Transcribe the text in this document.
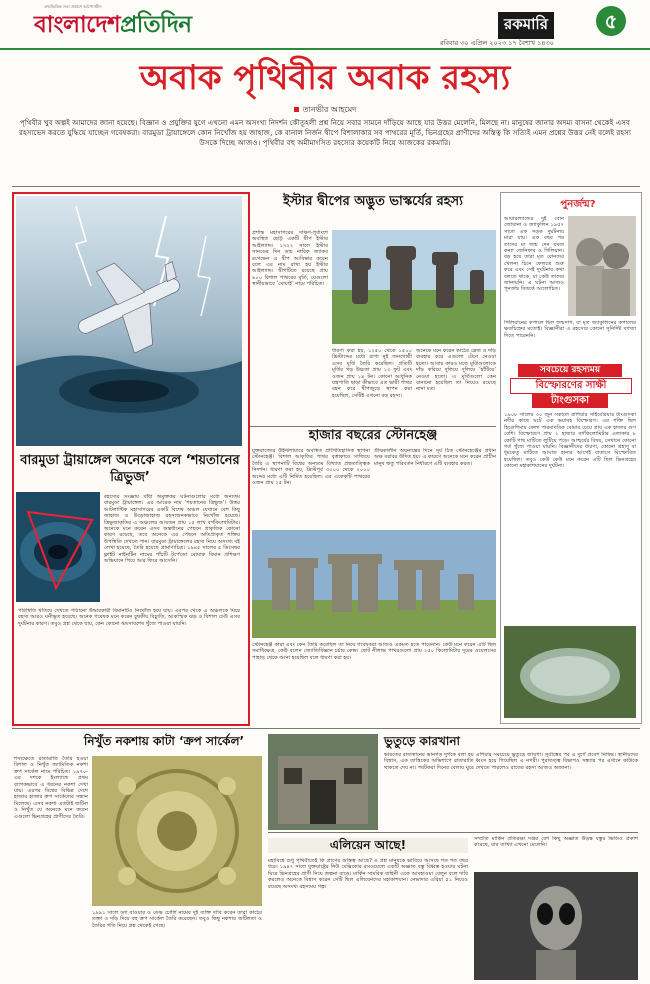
তথ্যভিত্তিক সত্য প্রকাশে আপোসহীন
বাংলাদেশপ্রতিদিন	রকমারি	৫
রবিবার ৩০ এপ্রিল ২০২৩ ১৭ বৈশাখ ১৪৩০
অবাক পৃথিবীর অবাক রহস্য
তানভীর আহমেদ
পৃথিবীর খুব অল্পই আমাদের জানা হয়েছে। বিজ্ঞান ও প্রযুক্তির যুগে এখনো এমন অসংখ্য নিদর্শন কৌতূহলী প্রশ্ন নিয়ে সবার সামনে দাঁড়িয়ে আছে যার উত্তর মেলেনি, মিলছে না। মানুষের জানার অদম্য বাসনা থেকেই এসব রহস্যভেদ করতে যুদ্ধিয়ে যাচ্ছেন গবেষকরা। বারমুডা ট্রায়াঙ্গেলে কোন নিখোঁজ হয় জাহাজ, কে বানাল নির্জন দ্বীপে বিশালাকার সব পাথরের মূর্তি, ভিনগ্রহের প্রাণীদের অস্তিত্ব কি সত্যিই এমন প্রশ্নের উত্তর নেই বলেই রহস্য উসকে দিচ্ছে আজও। পৃথিবীর বহু অমীমাংসিত রহস্যের কয়েকটি নিয়ে আজকের রকমারি।
বারমুডা ট্রায়াঙ্গেল অনেকে বলে ‘শয়তানের ত্রিভুজ’
রহস্যের সংজ্ঞায় বাঁধা অমুক্তকর ঘটনাগুলোর মধ্যে অন্যতম বারমুডা ট্রায়াঙ্গেল। এর আরেক নাম ‘শয়তানের ত্রিভুজ’। উত্তর আটলান্টিক মহাসাগরের একটি বিশেষ অঞ্চল যেখানে বেশ কিছু জাহাজ ও উড়োজাহাজ রহস্যজনকভাবে নিখোঁজ হয়েছে। ত্রিভুজাকৃতির এ অঞ্চলের আয়তন প্রায় ১৫ লাখ বর্গকিলোমিটার। অনেকে মনে করেন এসব অন্তর্ধানের পেছনে প্রাকৃতিক কোনো কারণ রয়েছে, তবে অনেকে এর পেছনে অতিপ্রাকৃত শক্তির উপস্থিতি দেখতে পান। বারমুডা ট্রায়াঙ্গেলের রহস্য নিয়ে অসংখ্য বই লেখা হয়েছে, তৈরি হয়েছে প্রামাণ্যচিত্র। ১৯৪৫ সালের ৫ ডিসেম্বর ফ্লাইট নাইনটিন নামের পাঁচটি টর্পেডো বোমারু বিমান প্রশিক্ষণ অভিযানে গিয়ে আর ফিরে আসেনি।
পরিস্থিতি খতিয়ে দেখতে পাঠানো উদ্ধারকারী বিমানটিও নিখোঁজ হয়ে যায়। এরপর থেকে এ অঞ্চলকে ঘিরে রহস্য আরও ঘনীভূত হয়েছে। অনেক গবেষক মনে করেন চুম্বকীয় বিচ্যুতি, আকস্মিক ঝড় ও বিশাল ঢেউ এসব দুর্ঘটনার কারণ। তবুও প্রশ্ন থেকে যায়, কেন কোনো ধ্বংসাবশেষ খুঁজে পাওয়া যায়নি।
ইস্টার দ্বীপের অদ্ভুত ভাস্কর্যের রহস্য
প্রশান্ত মহাসাগরের দক্ষিণ-পূর্বাংশে অবস্থিত ছোট্ট একটি দ্বীপ ইস্টার আইল্যান্ড। ১৭২২ সালে ইস্টার সানডের দিন ডাচ নাবিক জ্যাকব রগেভেন এ দ্বীপ আবিষ্কার করেন বলে এর নাম রাখা হয় ইস্টার আইল্যান্ড। দ্বীপটিতে রয়েছে প্রায় ৯০০ বিশাল পাথরের মূর্তি, যেগুলো স্থানীয়ভাবে ‘মোয়াই’ নামে পরিচিত।
ধারণা করা হয়, ১২৫০ থেকে ১৫০০ খ্রিস্টাব্দের মধ্যে রাপা নুই জনগোষ্ঠী এসব মূর্তি তৈরি করেছিল। প্রতিটি মূর্তির গড় উচ্চতা প্রায় ১৩ ফুট এবং ওজন প্রায় ১৪ টন। কোনো আধুনিক যন্ত্রপাতি ছাড়া কীভাবে এত ভারী পাথর বহন করে দ্বীপজুড়ে স্থাপন করা হয়েছিল, সেটিই এখনো বড় রহস্য।
অনেকে মনে করেন কাঠের স্লেজ ও দড়ি ব্যবহার করে এগুলো টেনে নেওয়া হতো। আবার কারও মতে মূর্তিগুলোকে দাঁড় করিয়ে দুলিয়ে দুলিয়ে ‘হাঁটিয়ে’ নেওয়া হতো। এ মূর্তিগুলো কেন বানানো হয়েছিল তা নিয়েও রয়েছে নানা মত।
হাজার বছরের স্টোনহেঞ্জ
যুক্তরাজ্যের উইল্টশায়ারে অবস্থিত প্রাগৈতিহাসিক স্থাপনা স্টোনহেঞ্জ। বিশাল আকৃতির পাথর বৃত্তাকারে সাজিয়ে তৈরি এ স্থাপনাটি বিশ্বের অন্যতম বিখ্যাত প্রত্নতাত্ত্বিক নিদর্শন। ধারণা করা হয়, খ্রিস্টপূর্ব ৩০০০ থেকে ২০০০ অব্দের মধ্যে এটি নির্মিত হয়েছিল। এর একেকটি পাথরের ওজন প্রায় ২৫ টন।
গ্রীষ্মকালীন অয়নান্তের দিনে সূর্য ঠিক স্টোনহেঞ্জের প্রধান অক্ষ বরাবর উদিত হয়। এ কারণে অনেকে মনে করেন প্রাচীন মানুষ ঋতু পরিবর্তন নির্ধারণে এটি ব্যবহার করত।
স্টোনহেঞ্জ কারা এবং কেন তৈরি করেছিল তা নিয়ে গবেষকরা আজও একমত হতে পারেননি। কেউ মনে করেন এটি ছিল সমাধিক্ষেত্র, কেউ বলেন জ্যোতির্বিজ্ঞান চর্চার কেন্দ্র। ছোট নীলাভ পাথরগুলো প্রায় ২৫০ কিলোমিটার দূরের ওয়েলসের পাহাড় থেকে আনা হয়েছিল বলে ধারণা করা হয়।
পুনর্জন্ম?
আয়ারল্যান্ডের দুই বোন জোয়ানা ও জ্যাকুলিন ১৯৫৭ সালে এক সড়ক দুর্ঘটনায় মারা যায়। এক বছর পর তাদের মা জন্ম দেন যমজ কন্যা জেনিফার ও গিলিয়ান। বড় হয়ে তারা মৃত বোনদের খেলনা চিনে ফেলতে শুরু করে এবং সেই দুর্ঘটনার কথা বলতে থাকে, যা কেউ তাদের জানায়নি। এ ঘটনা আজও পুনর্জন্ম বিতর্কে আলোচিত।
গিলিয়ানের কপালে ছিল জন্মদাগ, যা মৃত জ্যাকুলিনের কপালের ক্ষতচিহ্নের মতোই। বিজ্ঞানীরা এ রহস্যের কোনো সুনির্দিষ্ট ব্যাখ্যা দিতে পারেননি।
সবচেয়ে রহস্যময়
বিস্ফোরণের সাক্ষী
টাংগুসকা
১৯০৮ সালের ৩০ জুন সকালে রাশিয়ার সাইবেরিয়ার টাংগুসকা নদীর কাছে ঘটে এক ভয়াবহ বিস্ফোরণ। এর শক্তি ছিল হিরোশিমায় ফেলা পারমাণবিক বোমার চেয়ে প্রায় এক হাজার গুণ বেশি। বিস্ফোরণে প্রায় ২ হাজার বর্গকিলোমিটার এলাকার ৮ কোটি গাছ মাটিতে লুটিয়ে পড়ে। আশ্চর্যের বিষয়, সেখানে কোনো গর্ত খুঁজে পাওয়া যায়নি। বিজ্ঞানীদের ধারণা, কোনো গ্রহাণু বা ধূমকেতু মাটিতে আঘাত হানার আগেই বাতাসে বিস্ফোরিত হয়েছিল। তবুও কেউ কেউ মনে করেন এটি ছিল ভিনগ্রহের কোনো মহাকাশযানের দুর্ঘটনা।
নিখুঁত নকশায় কাটা ‘ক্রপ সার্কেল’
শস্যক্ষেতে রাতারাতি তৈরি হওয়া বিশাল ও নিখুঁত জ্যামিতিক নকশা ক্রপ সার্কেল নামে পরিচিত। ১৯৭০-এর দশকে ইংল্যান্ডে প্রথম ব্যাপকভাবে এ ধরনের নকশা দেখা যায়। এরপর বিশ্বের বিভিন্ন দেশে হাজার হাজার ক্রপ সার্কেলের সন্ধান মিলেছে। এসব নকশা এতটাই জটিল ও নিখুঁত যে অনেকে মনে করেন এগুলো ভিনগ্রহের প্রাণীদের তৈরি।
১৯৯১ সালে ডগ বাওয়ার ও ডেভ চোর্লি নামের দুই ব্যক্তি দাবি করেন তারা কাঠের তক্তা ও দড়ি দিয়ে বহু ক্রপ সার্কেল তৈরি করেছেন। তবুও কিছু নকশার জটিলতা ও তৈরির গতি নিয়ে প্রশ্ন থেকেই গেছে।
ভুতুড়ে কারখানা
ভারতের রাজস্থানের ভানগড় দুর্গকে বলা হয় এশিয়ার সবচেয়ে ভুতুড়ে জায়গা। সূর্যাস্তের পর এ দুর্গে প্রবেশ নিষিদ্ধ। স্থানীয়দের বিশ্বাস, এক তান্ত্রিকের অভিশাপে রাতারাতি ধ্বংস হয়ে গিয়েছিল এ নগরী। পুরাতত্ত্ব বিভাগও সন্ধ্যার পর এখানে কাউকে থাকতে দেয় না। পর্যটকরা দিনের বেলায় ঘুরে দেখতে পারলেও রাতের রহস্য আজও অজানা।
এলিয়েন আছে!
মহাবিশ্বে শুধু পৃথিবীতেই কি প্রাণের অস্তিত্ব আছে? এ প্রশ্ন মানুষকে ভাবিয়ে আসছে শত শত বছর ধরে। ১৯৪৭ সালে যুক্তরাষ্ট্রের নিউ মেক্সিকোর রসওয়েলে একটি অজ্ঞাত বস্তু বিধ্বস্ত হওয়ার ঘটনা ঘিরে ভিনগ্রহের প্রাণী নিয়ে জল্পনা বাড়ে। মার্কিন সামরিক বাহিনী একে আবহাওয়া বেলুন বলে দাবি করলেও অনেকে বিশ্বাস করেন সেটি ছিল এলিয়েনদের মহাকাশযান। নেভাদার এরিয়া ৫১ নিয়েও রয়েছে অসংখ্য রহস্যময় গল্প।
সম্প্রতি মার্কিন প্রতিরক্ষা দপ্তর বেশ কিছু অজ্ঞাত উড়ন্ত বস্তুর ভিডিও প্রকাশ করেছে, যার ব্যাখ্যা এখনো মেলেনি।
